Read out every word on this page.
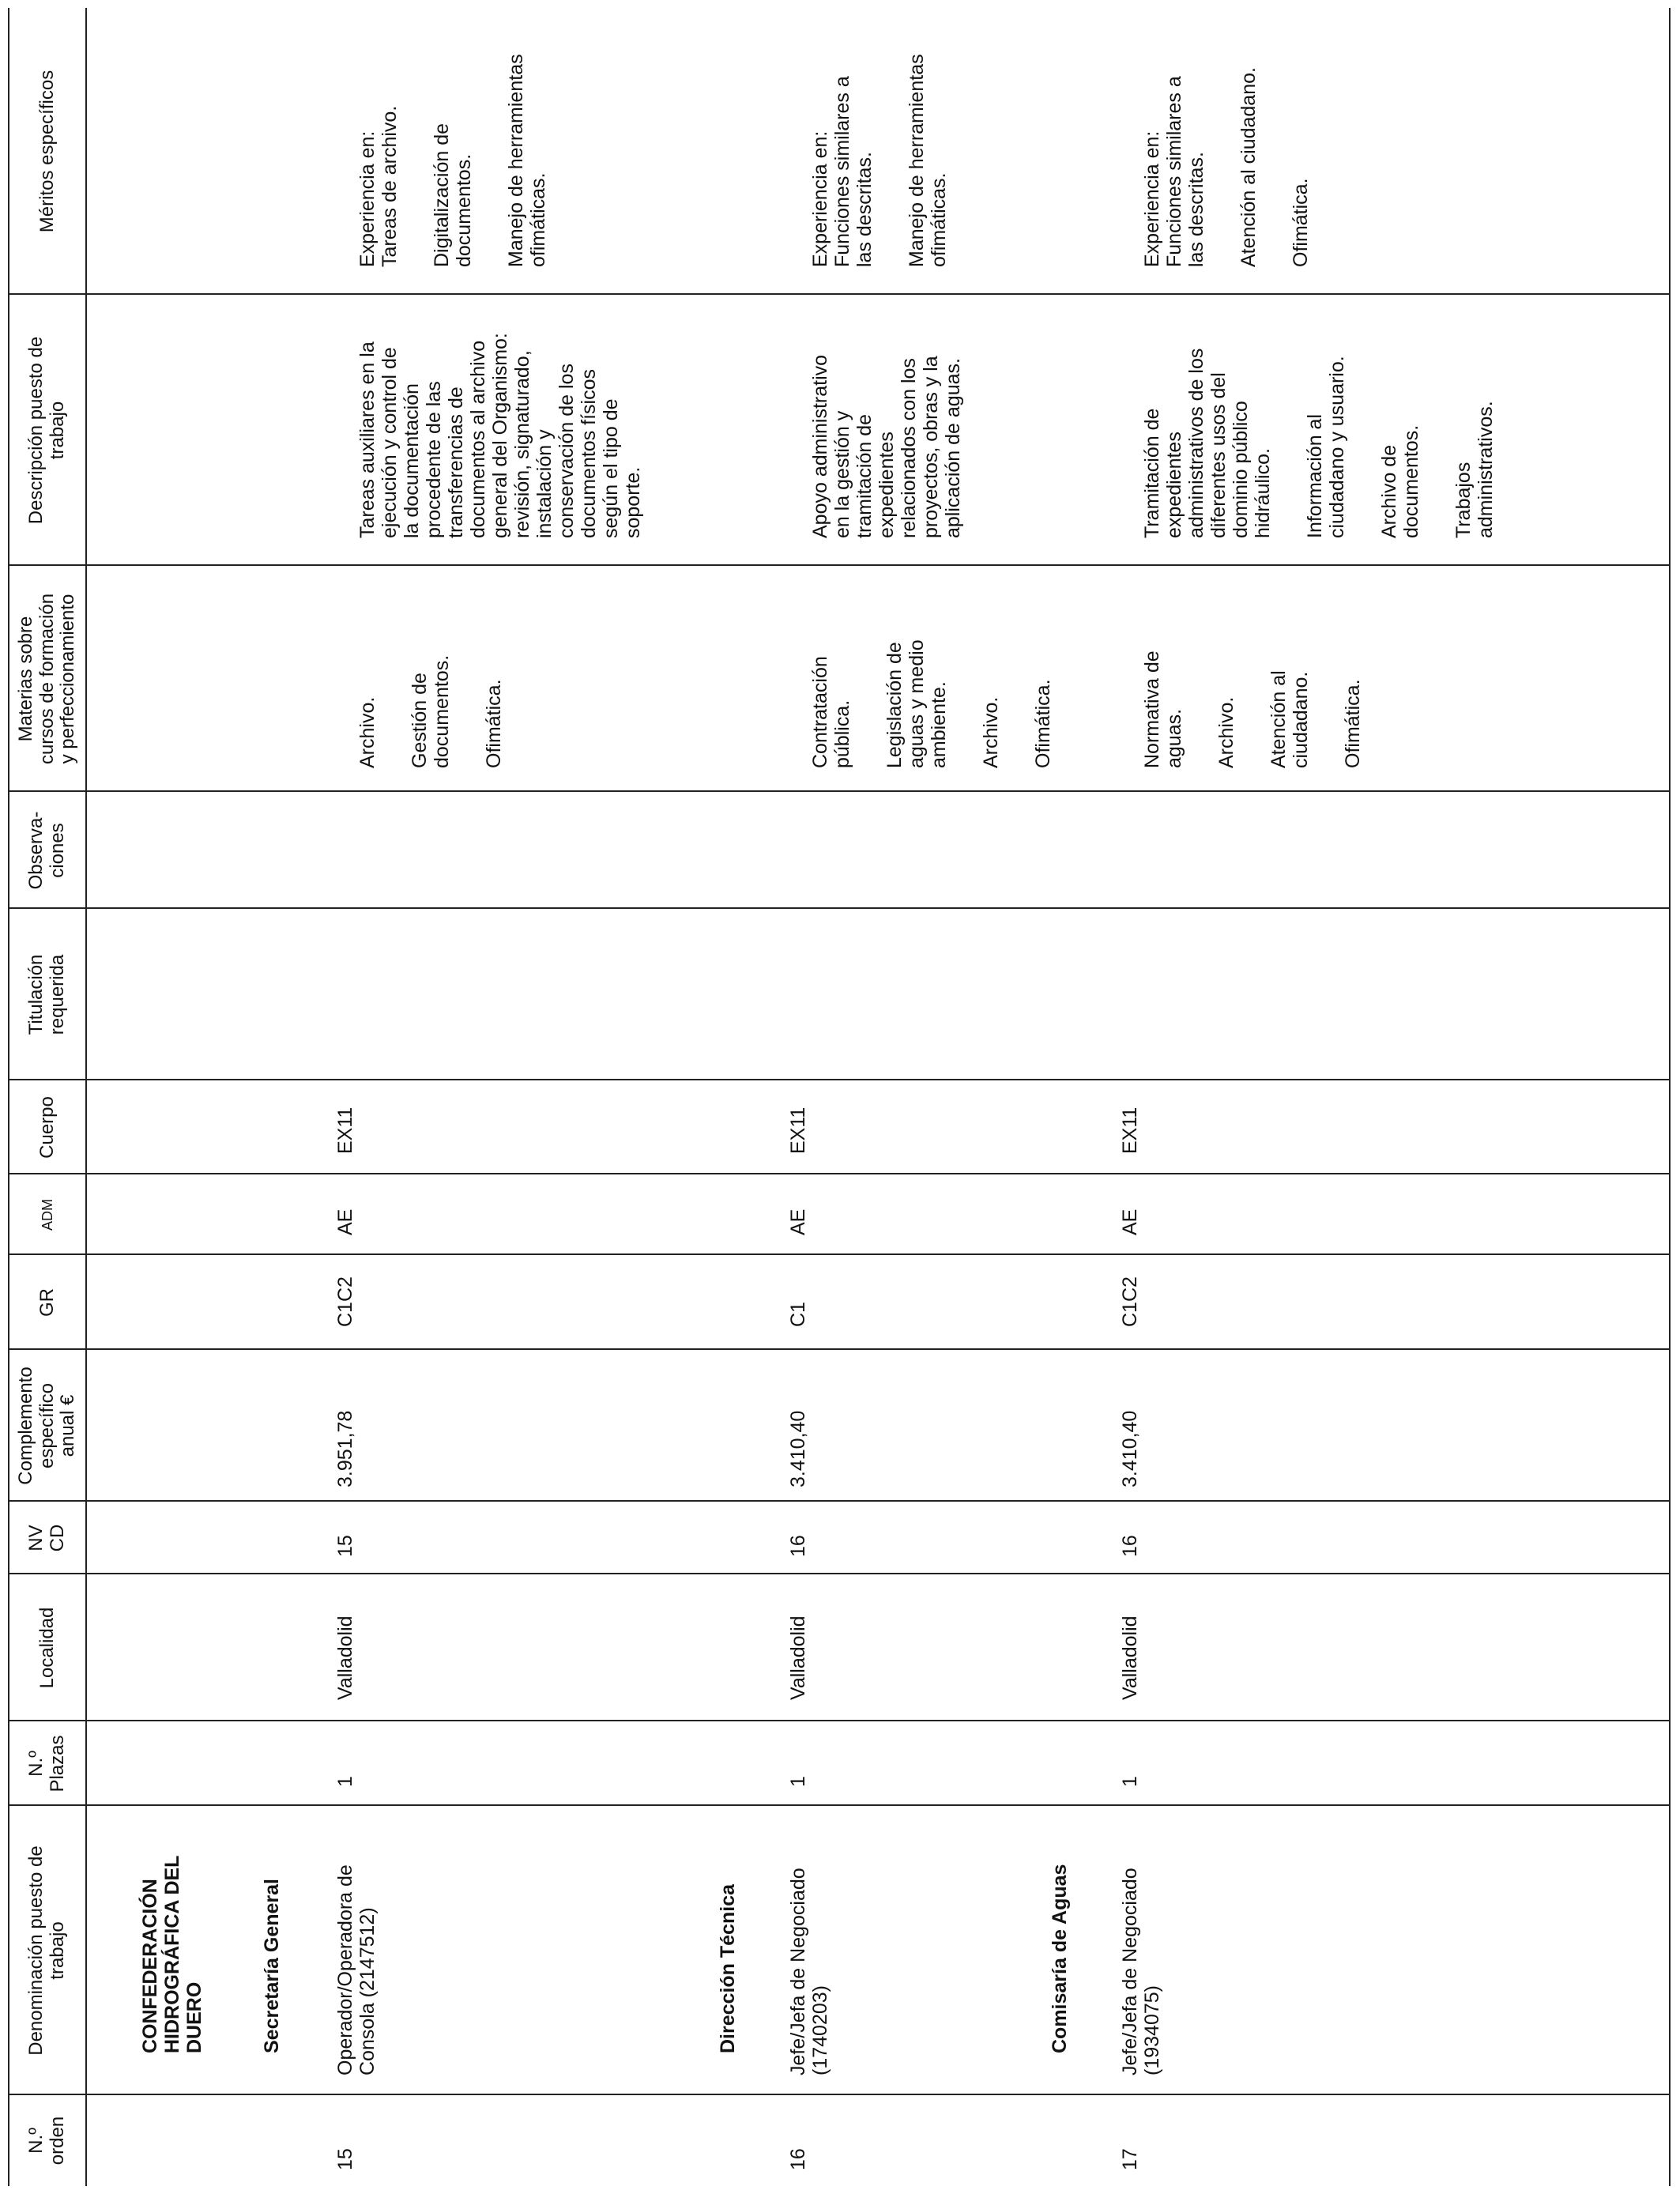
N.º
orden
Denominación puesto de
trabajo
N.º
Plazas
Localidad
NV
CD
Complemento
específico
anual €
GR
ADM
Cuerpo
Titulación
requerida
Observa-
ciones
Materias sobre
cursos de formación
y perfeccionamiento
Descripción puesto de
trabajo
Méritos específicos
CONFEDERACIÓN
HIDROGRÁFICA DEL
DUERO	Secretaría General
15
Operador/Operadora de
Consola (2147512)
1
Valladolid
15
3.951,78
C1C2
AE
EX11

Archivo. Gestión de
documentos. Ofimática.

Tareas auxiliares en la
ejecución y control de
la documentación
procedente de las
transferencias de
documentos al archivo
general del Organismo:
revisión, signaturado,
instalación y
conservación de los
documentos físicos
según el tipo de
soporte.

Experiencia en:
Tareas de archivo.

Digitalización de
documentos. Manejo de herramientas
ofimáticas.

Dirección Técnica
16
Jefe/Jefa de Negociado
(1740203)
1
Valladolid
16
3.410,40
C1
AE
EX11

Contratación
pública. Legislación de
aguas y medio
ambiente. Archivo. Ofimática.

Apoyo administrativo
en la gestión y
tramitación de
expedientes
relacionados con los
proyectos, obras y la
aplicación de aguas.

Experiencia en:
Funciones similares a
las descritas. Manejo de herramientas
ofimáticas.

Comisaría de Aguas
17
Jefe/Jefa de Negociado
(1934075)
1
Valladolid
16
3.410,40
C1C2
AE
EX11

Normativa de
aguas. Archivo. Atención al
ciudadano. Ofimática.

Tramitación de
expedientes
administrativos de los
diferentes usos del
dominio público
hidráulico. Información al
ciudadano y usuario.

Archivo de
documentos. Trabajos
administrativos.

Experiencia en:
Funciones similares a
las descritas. Atención al ciudadano. Ofimática.
